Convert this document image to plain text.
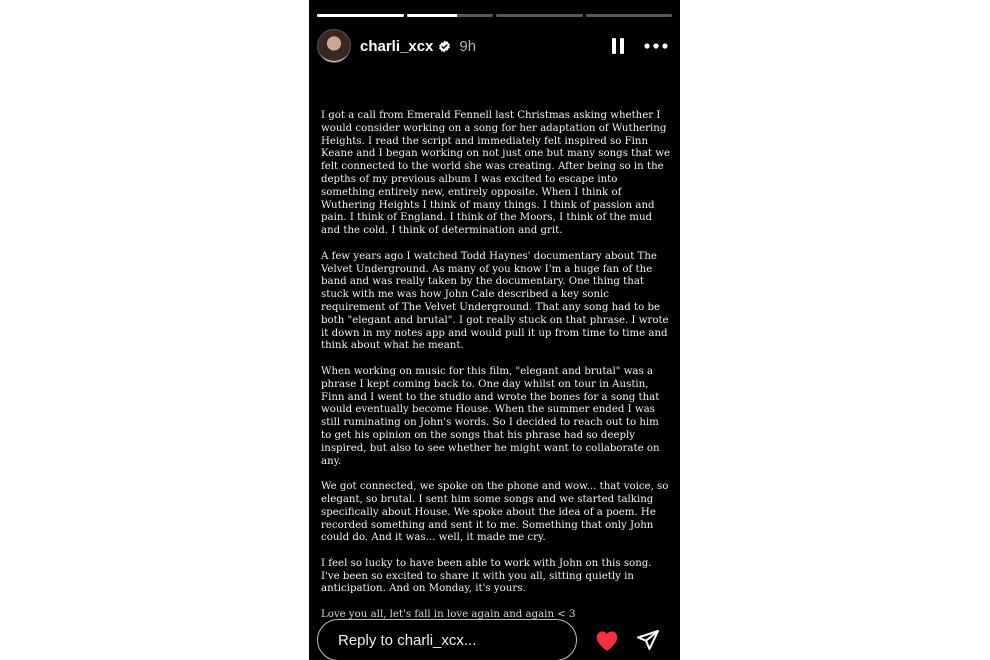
charli_xcx 9h

I got a call from Emerald Fennell last Christmas asking whether I would consider working on a song for her adaptation of Wuthering Heights. I read the script and immediately felt inspired so Finn Keane and I began working on not just one but many songs that we felt connected to the world she was creating. After being so in the depths of my previous album I was excited to escape into something entirely new, entirely opposite. When I think of Wuthering Heights I think of many things. I think of passion and pain. I think of England. I think of the Moors, I think of the mud and the cold. I think of determination and grit.

A few years ago I watched Todd Haynes' documentary about The Velvet Underground. As many of you know I'm a huge fan of the band and was really taken by the documentary. One thing that stuck with me was how John Cale described a key sonic requirement of The Velvet Underground. That any song had to be both "elegant and brutal". I got really stuck on that phrase. I wrote it down in my notes app and would pull it up from time to time and think about what he meant.

When working on music for this film, "elegant and brutal" was a phrase I kept coming back to. One day whilst on tour in Austin, Finn and I went to the studio and wrote the bones for a song that would eventually become House. When the summer ended I was still ruminating on John's words. So I decided to reach out to him to get his opinion on the songs that his phrase had so deeply inspired, but also to see whether he might want to collaborate on any.

We got connected, we spoke on the phone and wow... that voice, so elegant, so brutal. I sent him some songs and we started talking specifically about House. We spoke about the idea of a poem. He recorded something and sent it to me. Something that only John could do. And it was... well, it made me cry.

I feel so lucky to have been able to work with John on this song. I've been so excited to share it with you all, sitting quietly in anticipation. And on Monday, it's yours.

Love you all, let's fall in love again and again < 3

Reply to charli_xcx...
